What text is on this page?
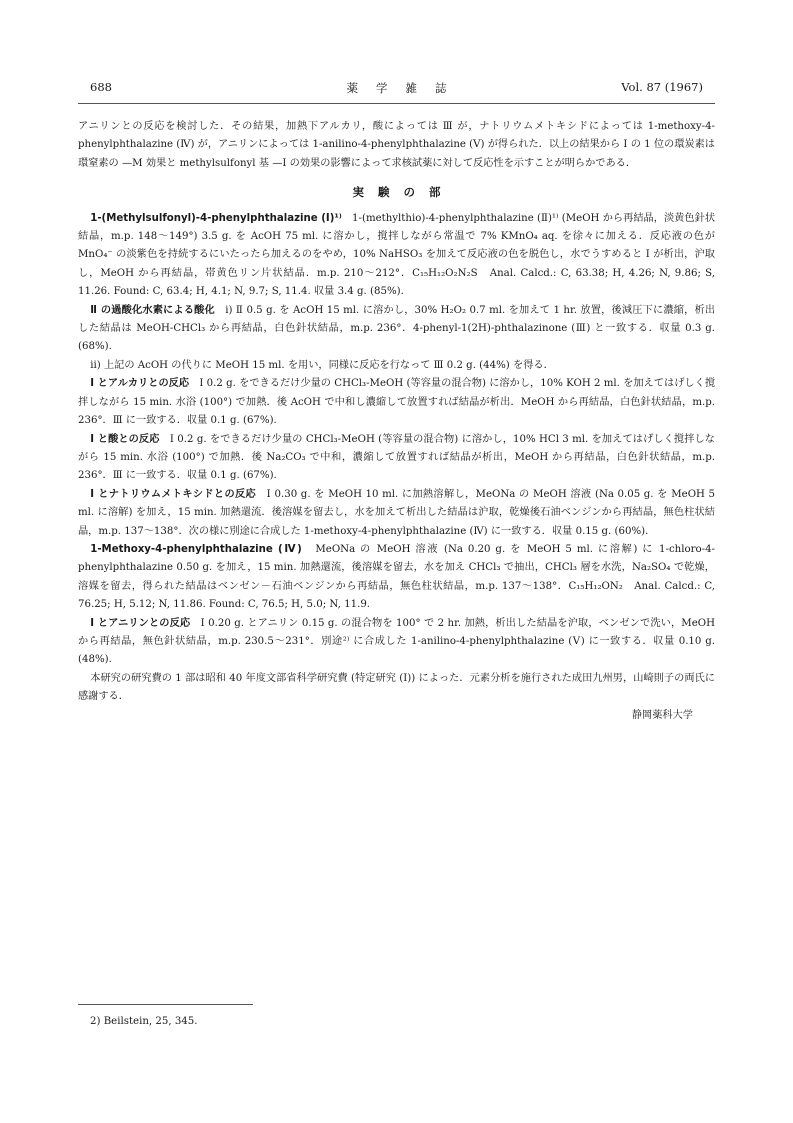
688	薬学雑誌	Vol. 87 (1967)

アニリンとの反応を検討した．その結果，加熱下アルカリ，酸によっては Ⅲ が，ナトリウムメトキシドによっては 1-methoxy-4-phenylphthalazine (Ⅳ) が，アニリンによっては 1-anilino-4-phenylphthalazine (Ⅴ) が得られた．以上の結果から Ⅰ の 1 位の環炭素は環窒素の —M 効果と methylsulfonyl 基 —I の効果の影響によって求核試薬に対して反応性を示すことが明らかである．

実験の部

1-(Methylsulfonyl)-4-phenylphthalazine (Ⅰ)¹⁾　 1-(methylthio)-4-phenylphthalazine (Ⅱ)¹⁾ (MeOH から再結晶，淡黄色針状結晶，m.p. 148～149°) 3.5 g. を AcOH 75 ml. に溶かし，撹拌しながら常温で 7% KMnO₄ aq. を徐々に加える．反応液の色が MnO₄⁻ の淡紫色を持続するにいたったら加えるのをやめ，10% NaHSO₃ を加えて反応液の色を脱色し，水でうすめると Ⅰ が析出，沪取し，MeOH から再結晶，帯黄色リン片状結晶．m.p. 210～212°．C₁₅H₁₂O₂N₂S　Anal. Calcd.: C, 63.38; H, 4.26; N, 9.86; S, 11.26. Found: C, 63.4; H, 4.1; N, 9.7; S, 11.4. 収量 3.4 g. (85%).

Ⅱ の過酸化水素による酸化　 i) Ⅱ 0.5 g. を AcOH 15 ml. に溶かし，30% H₂O₂ 0.7 ml. を加えて 1 hr. 放置，後減圧下に濃縮，析出した結晶は MeOH-CHCl₃ から再結晶，白色針状結晶，m.p. 236°．4-phenyl-1(2H)-phthalazinone (Ⅲ) と一致する．収量 0.3 g. (68%).

ii) 上記の AcOH の代りに MeOH 15 ml. を用い，同様に反応を行なって Ⅲ 0.2 g. (44%) を得る．

Ⅰ とアルカリとの反応　 Ⅰ 0.2 g. をできるだけ少量の CHCl₃-MeOH (等容量の混合物) に溶かし，10% KOH 2 ml. を加えてはげしく撹拌しながら 15 min. 水浴 (100°) で加熱．後 AcOH で中和し濃縮して放置すれば結晶が析出．MeOH から再結晶，白色針状結晶，m.p. 236°．Ⅲ に一致する．収量 0.1 g. (67%).

Ⅰ と酸との反応　 Ⅰ 0.2 g. をできるだけ少量の CHCl₃-MeOH (等容量の混合物) に溶かし，10% HCl 3 ml. を加えてはげしく撹拌しながら 15 min. 水浴 (100°) で加熱．後 Na₂CO₃ で中和，濃縮して放置すれば結晶が析出，MeOH から再結晶，白色針状結晶，m.p. 236°．Ⅲ に一致する．収量 0.1 g. (67%).

Ⅰ とナトリウムメトキシドとの反応　 Ⅰ 0.30 g. を MeOH 10 ml. に加熱溶解し，MeONa の MeOH 溶液 (Na 0.05 g. を MeOH 5 ml. に溶解) を加え，15 min. 加熱還流．後溶媒を留去し，水を加えて析出した結晶は沪取，乾燥後石油ベンジンから再結晶，無色柱状結晶，m.p. 137～138°．次の様に別途に合成した 1-methoxy-4-phenylphthalazine (Ⅳ) に一致する．収量 0.15 g. (60%).

1-Methoxy-4-phenylphthalazine (Ⅳ)　 MeONa の MeOH 溶液 (Na 0.20 g. を MeOH 5 ml. に溶解) に 1-chloro-4-phenylphthalazine 0.50 g. を加え，15 min. 加熱還流，後溶媒を留去，水を加え CHCl₃ で抽出，CHCl₃ 層を水洗，Na₂SO₄ で乾燥，溶媒を留去，得られた結晶はベンゼン－石油ベンジンから再結晶，無色柱状結晶，m.p. 137～138°．C₁₅H₁₂ON₂　Anal. Calcd.: C, 76.25; H, 5.12; N, 11.86. Found: C, 76.5; H, 5.0; N, 11.9.

Ⅰ とアニリンとの反応　 Ⅰ 0.20 g. とアニリン 0.15 g. の混合物を 100° で 2 hr. 加熱，析出した結晶を沪取，ベンゼンで洗い，MeOH から再結晶，無色針状結晶，m.p. 230.5～231°．別途²⁾ に合成した 1-anilino-4-phenylphthalazine (Ⅴ) に一致する．収量 0.10 g. (48%).

本研究の研究費の 1 部は昭和 40 年度文部省科学研究費 (特定研究 (Ⅰ)) によった．元素分析を施行された成田九州男，山崎則子の両氏に感謝する．

静岡薬科大学

2) Beilstein, 25, 345.
